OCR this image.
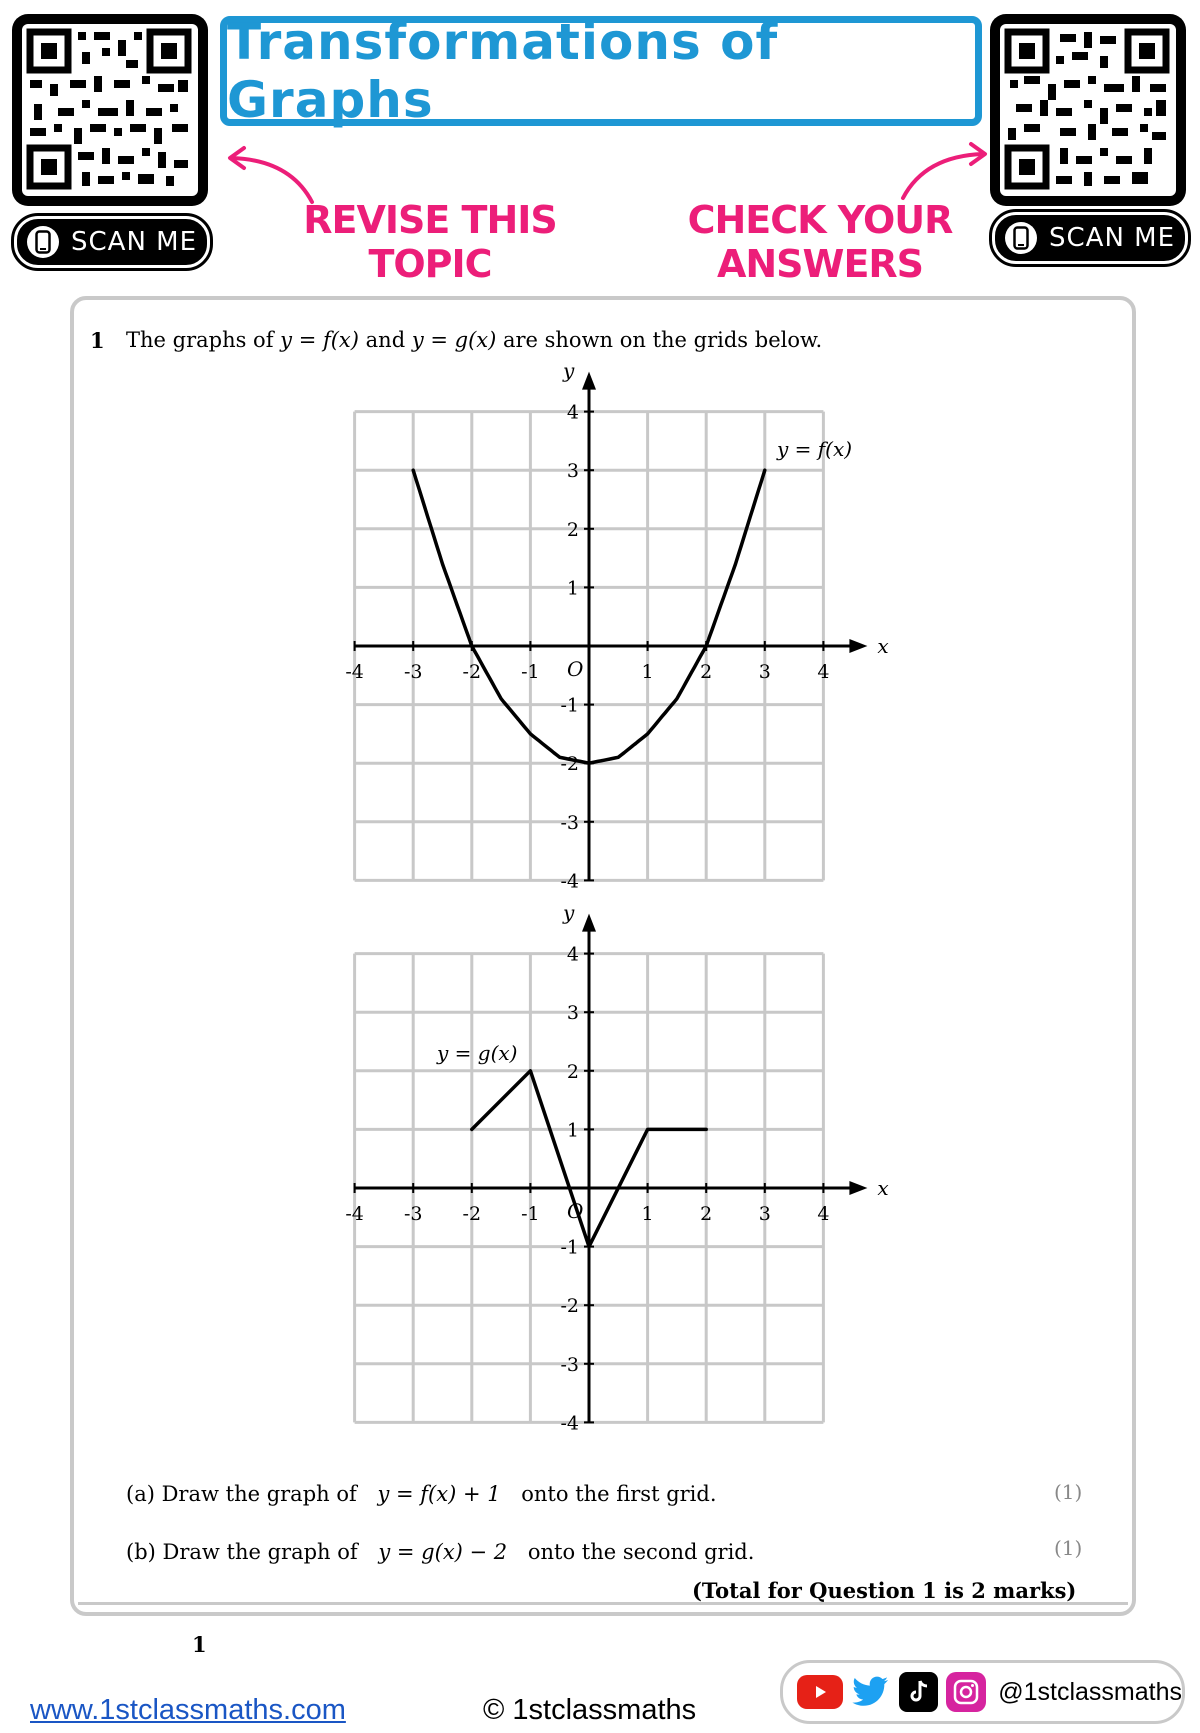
SCAN ME
Transformations of Graphs
SCAN ME
REVISE THIS
TOPIC
CHECK YOUR
ANSWERS
1 The graphs of y = f(x) and y = g(x) are shown on the grids below.
x
y
O
-4 -3 -2 -1	1 2 3 4
4
3
2
1
-1
-2
-3
-4
y = f(x)
x
y
O
-4 -3 -2 -1	1 2 3 4
4
3
2
1
-1
-2
-3
-4
y = g(x)
(a) Draw the graph of y = f(x) + 1 onto the first grid.	(1)
(b) Draw the graph of y = g(x) − 2 onto the second grid.	(1)
(Total for Question 1 is 2 marks)
1
www.1stclassmaths.com	© 1stclassmaths
@1stclassmaths
